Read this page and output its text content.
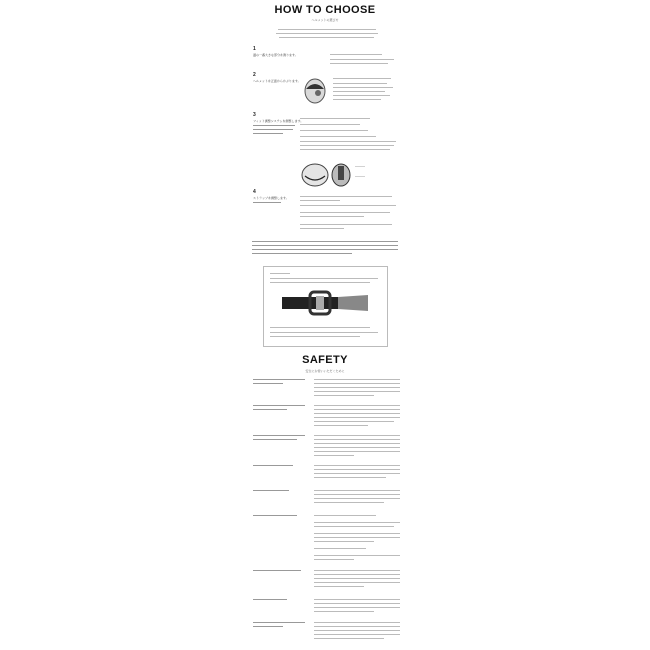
HOW TO CHOOSE
ヘルメットの選び方
1
頭の一番大きな部分を測ります。
2
ヘルメットを正面からかぶります。
3
フィット調整システムを調整します。
4
ストラップを調整します。
SAFETY
安全にお使いいただくために
